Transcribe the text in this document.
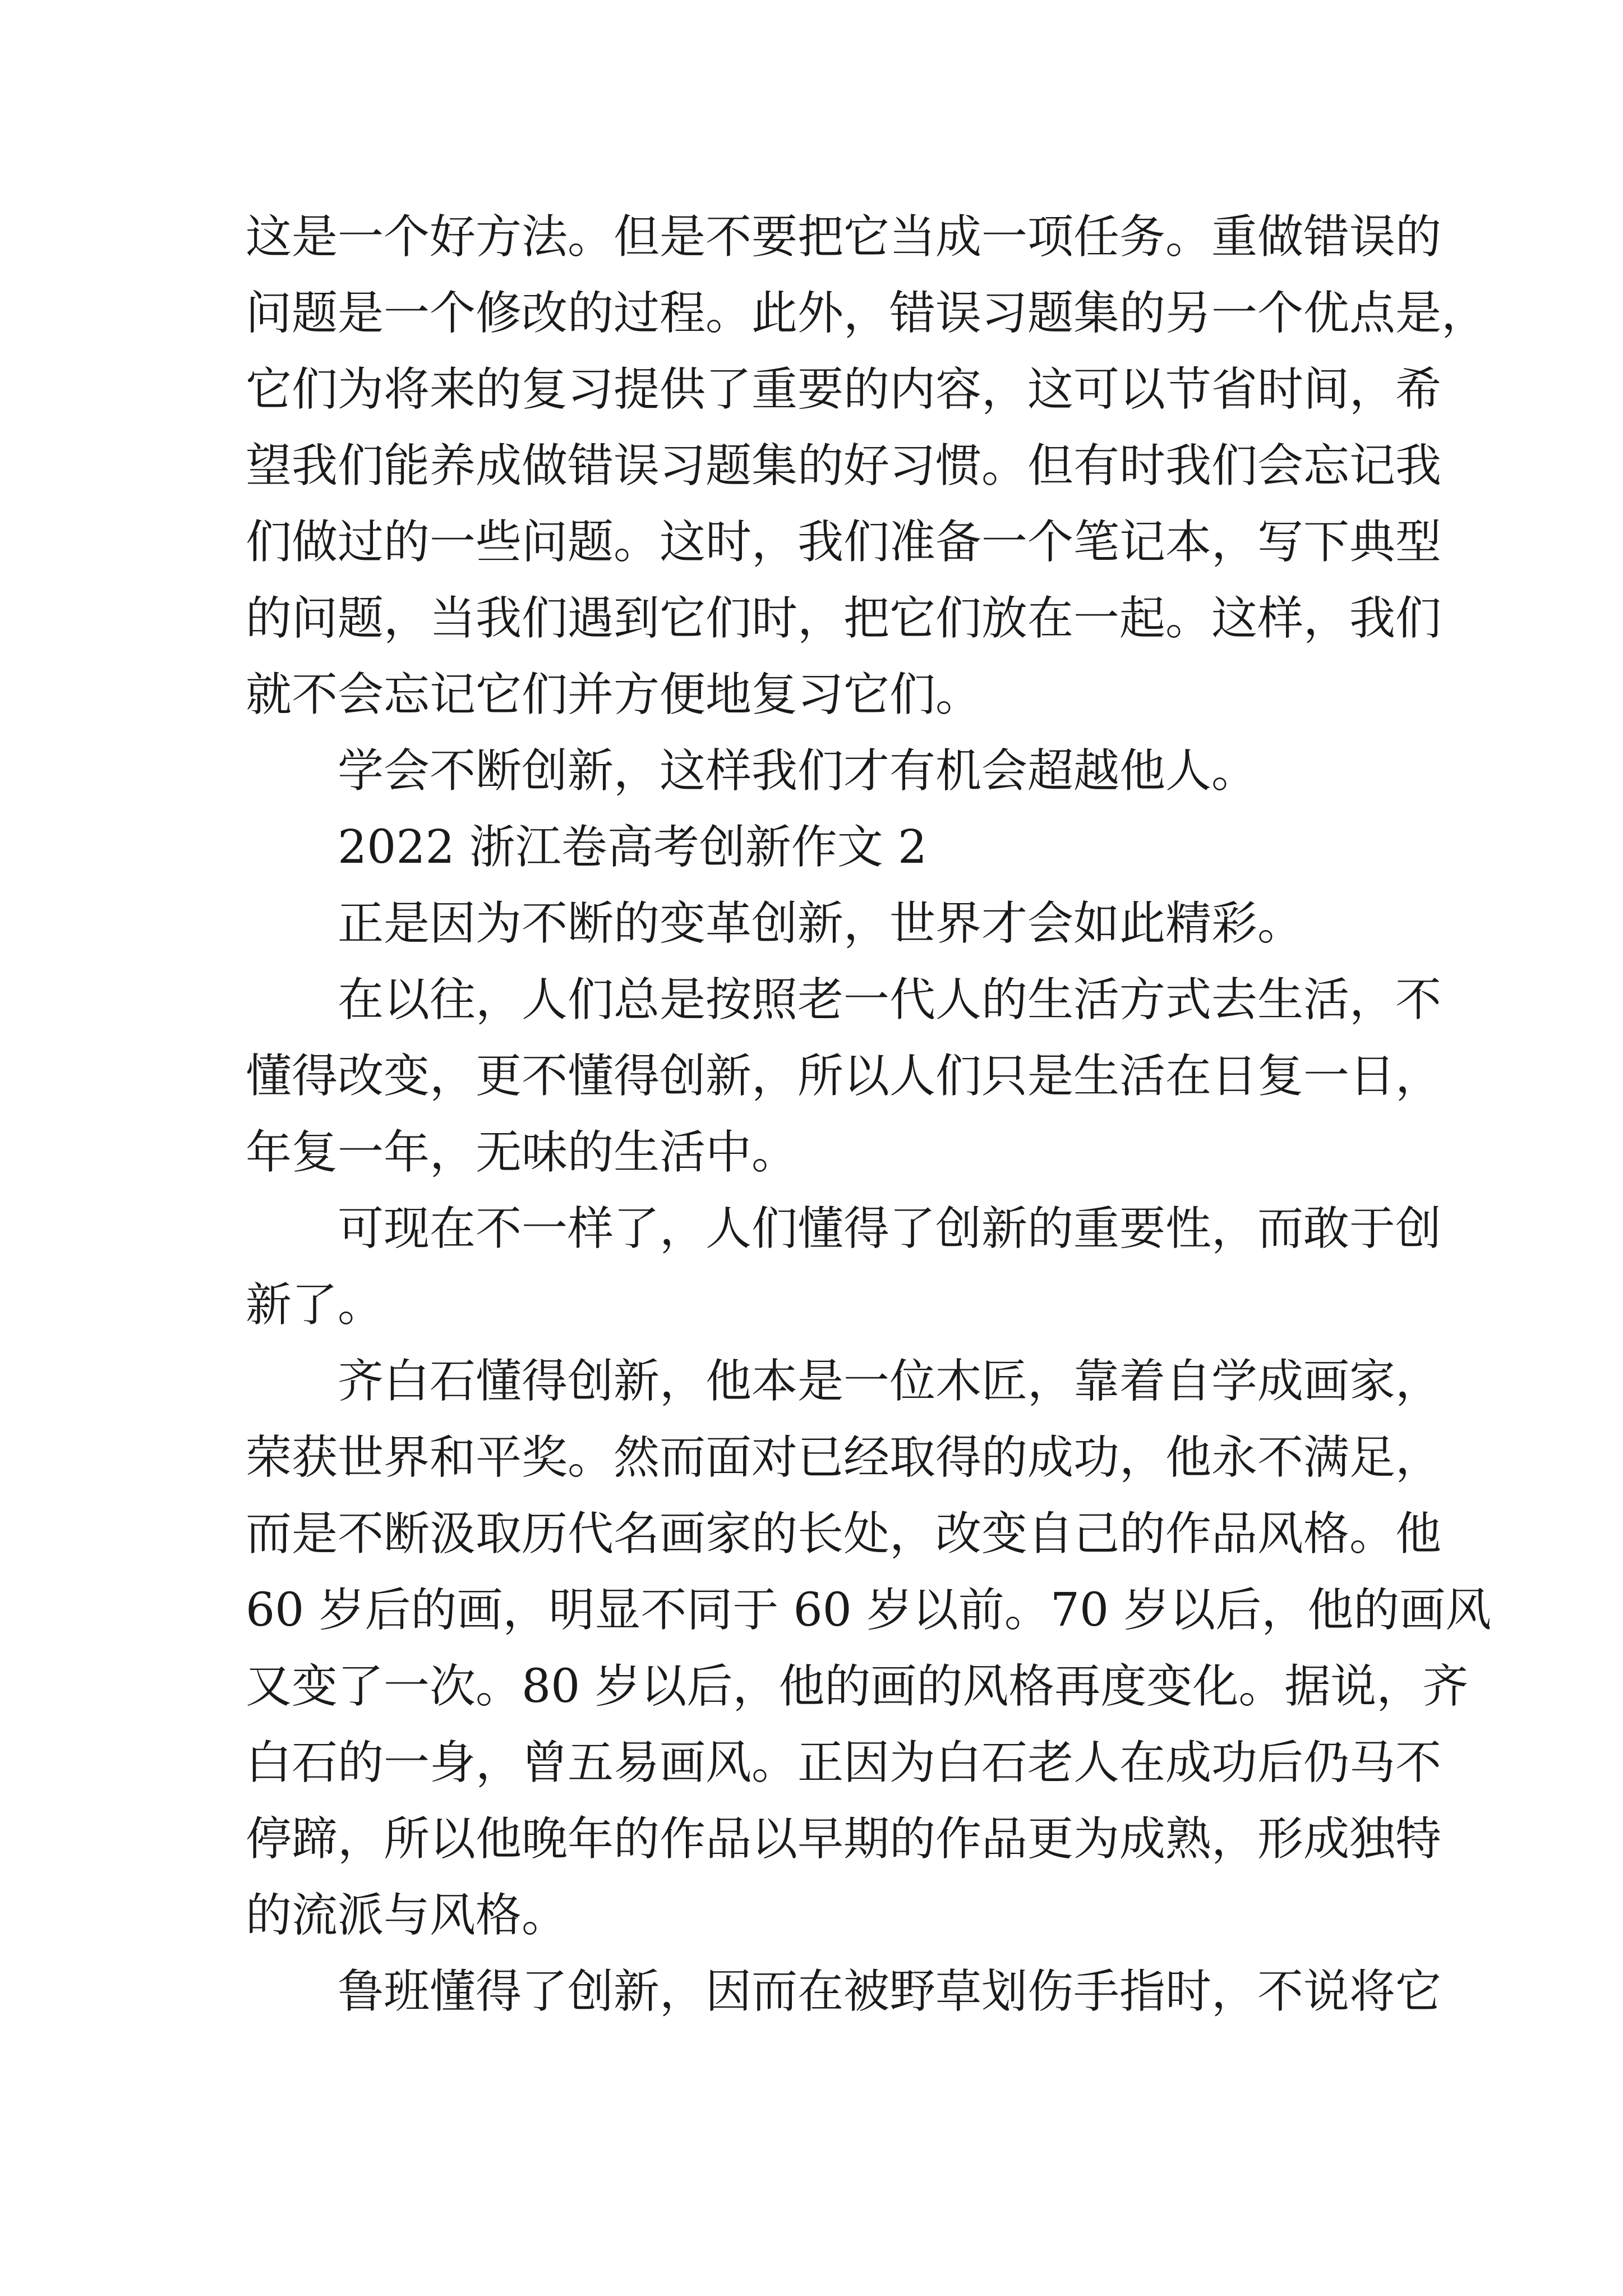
这是一个好方法。但是不要把它当成一项任务。重做错误的
问题是一个修改的过程。此外，错误习题集的另一个优点是，
它们为将来的复习提供了重要的内容，这可以节省时间，希
望我们能养成做错误习题集的好习惯。但有时我们会忘记我
们做过的一些问题。这时，我们准备一个笔记本，写下典型
的问题，当我们遇到它们时，把它们放在一起。这样，我们
就不会忘记它们并方便地复习它们。
学会不断创新，这样我们才有机会超越他人。
2022 浙江卷高考创新作文 2
正是因为不断的变革创新，世界才会如此精彩。
在以往，人们总是按照老一代人的生活方式去生活，不
懂得改变，更不懂得创新，所以人们只是生活在日复一日，
年复一年，无味的生活中。
可现在不一样了，人们懂得了创新的重要性，而敢于创
新了。
齐白石懂得创新，他本是一位木匠，靠着自学成画家，
荣获世界和平奖。然而面对已经取得的成功，他永不满足，
而是不断汲取历代名画家的长处，改变自己的作品风格。他
60 岁后的画，明显不同于 60 岁以前。70 岁以后，他的画风
又变了一次。80 岁以后，他的画的风格再度变化。据说，齐
白石的一身，曾五易画风。正因为白石老人在成功后仍马不
停蹄，所以他晚年的作品以早期的作品更为成熟，形成独特
的流派与风格。
鲁班懂得了创新，因而在被野草划伤手指时，不说将它
